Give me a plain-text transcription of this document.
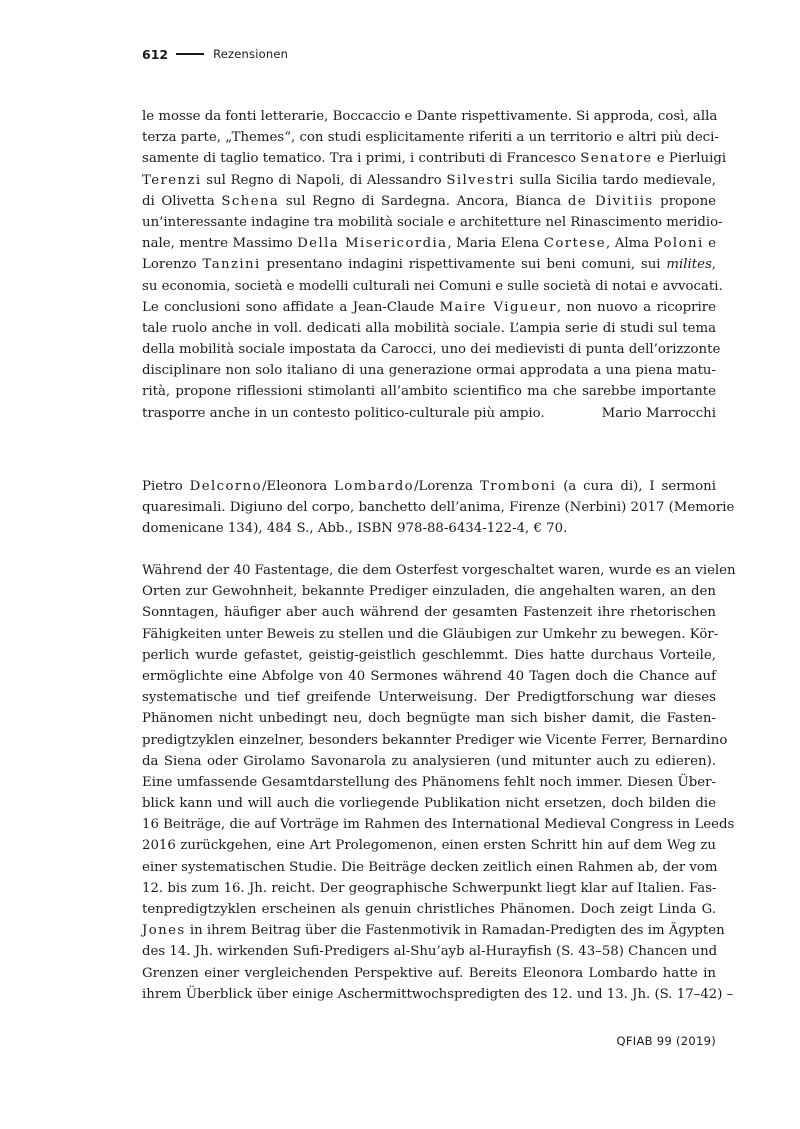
612	Rezensionen
le mosse da fonti letterarie, Boccaccio e Dante rispettivamente. Si approda, così, alla
terza parte, „Themes“, con studi esplicitamente riferiti a un territorio e altri più deci-
samente di taglio tematico. Tra i primi, i contributi di Francesco Senatore e Pierluigi
Terenzi sul Regno di Napoli, di Alessandro Silvestri sulla Sicilia tardo medievale,
di Olivetta Schena sul Regno di Sardegna. Ancora, Bianca de Divitiis propone
un’interessante indagine tra mobilità sociale e architetture nel Rinascimento meridio-
nale, mentre Massimo Della Misericordia, Maria Elena Cortese, Alma Poloni e
Lorenzo Tanzini presentano indagini rispettivamente sui beni comuni, sui milites,
su economia, società e modelli culturali nei Comuni e sulle società di notai e avvocati.
Le conclusioni sono affidate a Jean-Claude Maire Vigueur, non nuovo a ricoprire
tale ruolo anche in voll. dedicati alla mobilità sociale. L’ampia serie di studi sul tema
della mobilità sociale impostata da Carocci, uno dei medievisti di punta dell’orizzonte
disciplinare non solo italiano di una generazione ormai approdata a una piena matu-
rità, propone riflessioni stimolanti all’ambito scientifico ma che sarebbe importante
trasporre anche in un contesto politico-culturale più ampio.	Mario Marrocchi
Pietro Delcorno/Eleonora Lombardo/Lorenza Tromboni (a cura di), I sermoni
quaresimali. Digiuno del corpo, banchetto dell’anima, Firenze (Nerbini) 2017 (Memorie
domenicane 134), 484 S., Abb., ISBN 978-88-6434-122-4, € 70.
Während der 40 Fastentage, die dem Osterfest vorgeschaltet waren, wurde es an vielen
Orten zur Gewohnheit, bekannte Prediger einzuladen, die angehalten waren, an den
Sonntagen, häufiger aber auch während der gesamten Fastenzeit ihre rhetorischen
Fähigkeiten unter Beweis zu stellen und die Gläubigen zur Umkehr zu bewegen. Kör-
perlich wurde gefastet, geistig-geistlich geschlemmt. Dies hatte durchaus Vorteile,
ermöglichte eine Abfolge von 40 Sermones während 40 Tagen doch die Chance auf
systematische und tief greifende Unterweisung. Der Predigtforschung war dieses
Phänomen nicht unbedingt neu, doch begnügte man sich bisher damit, die Fasten-
predigtzyklen einzelner, besonders bekannter Prediger wie Vicente Ferrer, Bernardino
da Siena oder Girolamo Savonarola zu analysieren (und mitunter auch zu edieren).
Eine umfassende Gesamtdarstellung des Phänomens fehlt noch immer. Diesen Über-
blick kann und will auch die vorliegende Publikation nicht ersetzen, doch bilden die
16 Beiträge, die auf Vorträge im Rahmen des International Medieval Congress in Leeds
2016 zurückgehen, eine Art Prolegomenon, einen ersten Schritt hin auf dem Weg zu
einer systematischen Studie. Die Beiträge decken zeitlich einen Rahmen ab, der vom
12. bis zum 16. Jh. reicht. Der geographische Schwerpunkt liegt klar auf Italien. Fas-
tenpredigtzyklen erscheinen als genuin christliches Phänomen. Doch zeigt Linda G.
Jones in ihrem Beitrag über die Fastenmotivik in Ramadan-Predigten des im Ägypten
des 14. Jh. wirkenden Sufi-Predigers al-Shu’ayb al-Hurayfish (S. 43–58) Chancen und
Grenzen einer vergleichenden Perspektive auf. Bereits Eleonora Lombardo hatte in
ihrem Überblick über einige Aschermittwochspredigten des 12. und 13. Jh. (S. 17–42) –
QFIAB 99 (2019)
